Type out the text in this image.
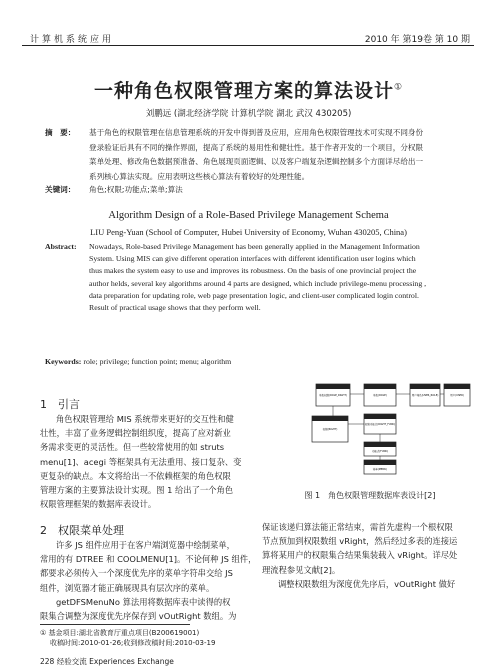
计算机系统应用	2010 年 第19卷 第 10 期
一种角色权限管理方案的算法设计①
刘鹏远 (湖北经济学院 计算机学院 湖北 武汉 430205)
摘　要： 基于角色的权限管理在信息管理系统的开发中得到普及应用，应用角色权限管理技术可实现不同身份
登录验证后具有不同的操作界面，提高了系统的易用性和健壮性。基于作者开发的一个项目，分权限
菜单处理、修改角色数据预准备、角色展现页面逻辑、以及客户端复杂逻辑控制多个方面详尽给出一
系列核心算法实现。应用表明这些核心算法有着较好的处理性能。
关键词： 角色;权限;功能点;菜单;算法
Algorithm Design of a Role-Based Privilege Management Schema
LIU Peng-Yuan (School of Computer, Hubei University of Economy, Wuhan 430205, China)
Abstract: Nowadays, Role-based Privilege Management has been generally applied in the Management Information
System. Using MIS can give different operation interfaces with different identification user logins which
thus makes the system easy to use and improves its robustness. On the basis of one provincial project the
author helds, several key algorithms around 4 parts are designed, which include privilege-menu processing ,
data preparation for updating role, web page presentation logic, and client-user complicated login control.
Result of practical usage shows that they perform well.
Keywords: role; privilege; function point; menu; algorithm
1　引言
角色权限管理给 MIS 系统带来更好的交互性和健
壮性，丰富了业务逻辑控制组织度，提高了应对新业
务需求变更的灵活性。但一些较常使用的如 struts
menu[1]、acegi 等框架具有无法重用、接口复杂、变
更复杂的缺点。本文将给出一不依赖框架的角色权限
管理方案的主要算法设计实现。图 1 给出了一个角色
权限管理框架的数据库表设计。
2　权限菜单处理
许多 JS 组件应用于在客户端浏览器中绘制菜单，
常用的有 DTREE 和 COOLMENU[1]。不论何种 JS 组件，
都要求必须传入一个深度优先序的菜单字符串交给 JS
组件，浏览器才能正确展现具有层次序的菜单。
getDFSMenuNo 算法用将数据库表中读得的权
限集合调整为深度优先序保存到 vOutRight 数组。为
保证该递归算法能正常结束，需首先虚构一个根权限
节点预加到权限数组 vRight，然后经过多表的连接运
算将某用户的权限集合结果集装载入 vRight。详尽处
理流程参见文献[2]。
调整权限数组为深度优先序后，vOutRight 做好
角色权限(ROLE_RIGHT)	角色(ROLE)	用户角色(USER_ROLE)	用户(USER)
权限功能点(RIGHT_FUNC)
权限(RIGHT)
功能点(FUNC)
菜单(MENU)
图 1　角色权限管理数据库表设计[2]
① 基金项目:湖北省教育厅重点项目(B200619001)
收稿时间:2010-01-26;收到修改稿时间:2010-03-19
228 经验交流 Experiences Exchange
